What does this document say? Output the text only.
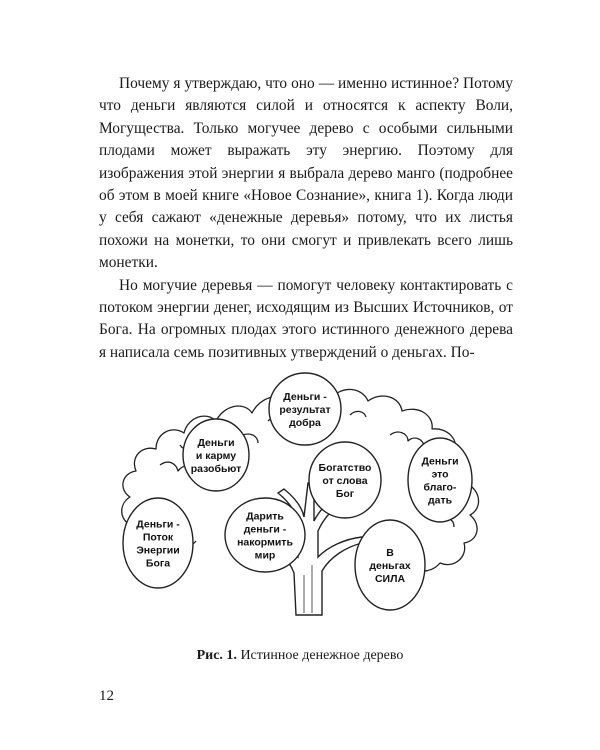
Почему я утверждаю, что оно — именно истинное? Потому что деньги являются силой и относятся к аспекту Воли, Могущества. Только могучее дерево с особыми сильными плодами может выражать эту энергию. Поэтому для изображения этой энергии я выбрала дерево манго (подробнее об этом в моей книге «Новое Сознание», книга 1). Когда люди у себя сажают «денежные деревья» потому, что их листья похожи на монетки, то они смогут и привлекать всего лишь монетки.

Но могучие деревья — помогут человеку контактировать с потоком энергии денег, исходящим из Высших Источников, от Бога. На огромных плодах этого истинного денежного дерева я написала семь позитивных утверждений о деньгах. По-

Деньги -результат добра
Деньги и карму разобьют	Богатство от слова Бог
Деньги это благо-дать
Дарить деньги -накормить мир
Деньги -Поток Энергии Бога
В деньгах СИЛА
Рис. 1. Истинное денежное дерево
12
